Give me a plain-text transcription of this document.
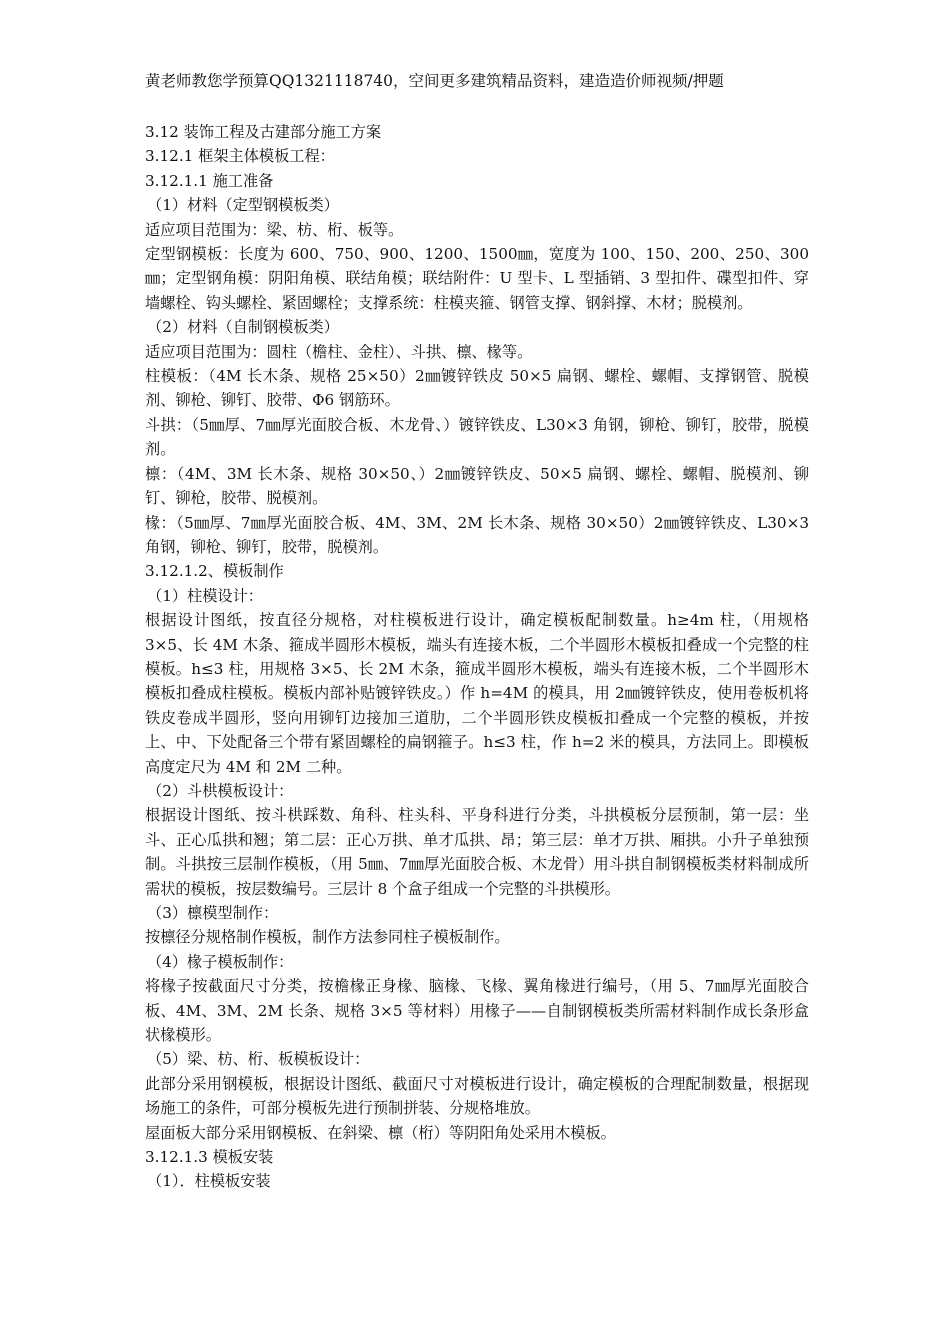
黄老师教您学预算QQ1321118740，空间更多建筑精品资料，建造造价师视频/押题
3.12 装饰工程及古建部分施工方案
3.12.1 框架主体模板工程：
3.12.1.1 施工准备
（1）材料（定型钢模板类）
适应项目范围为：梁、枋、桁、板等。
定型钢模板：长度为 600、750、900、1200、1500㎜，宽度为 100、150、200、250、300㎜；定型钢角模：阴阳角模、联结角模；联结附件：U 型卡、L 型插销、3 型扣件、碟型扣件、穿墙螺栓、钩头螺栓、紧固螺栓；支撑系统：柱模夹箍、钢管支撑、钢斜撑、木材；脱模剂。
（2）材料（自制钢模板类）
适应项目范围为：圆柱（檐柱、金柱）、斗拱、檩、椽等。
柱模板：（4M 长木条、规格 25×50）2㎜镀锌铁皮 50×5 扁钢、螺栓、螺帽、支撑钢管、脱模剂、铆枪、铆钉、胶带、Φ6 钢筋环。
斗拱：（5㎜厚、7㎜厚光面胶合板、木龙骨、）镀锌铁皮、L30×3 角钢，铆枪、铆钉，胶带，脱模剂。
檩：（4M、3M 长木条、规格 30×50、）2㎜镀锌铁皮、50×5 扁钢、螺栓、螺帽、脱模剂、铆钉、铆枪，胶带、脱模剂。
椽：（5㎜厚、7㎜厚光面胶合板、4M、3M、2M 长木条、规格 30×50）2㎜镀锌铁皮、L30×3 角钢，铆枪、铆钉，胶带，脱模剂。
3.12.1.2、模板制作
（1）柱模设计：
根据设计图纸，按直径分规格，对柱模板进行设计，确定模板配制数量。h≥4m 柱，（用规格 3×5、长 4M 木条、箍成半圆形木模板，端头有连接木板，二个半圆形木模板扣叠成一个完整的柱模板。h≤3 柱，用规格 3×5、长 2M 木条，箍成半圆形木模板，端头有连接木板，二个半圆形木模板扣叠成柱模板。模板内部补贴镀锌铁皮。）作 h=4M 的模具，用 2㎜镀锌铁皮，使用卷板机将铁皮卷成半圆形，竖向用铆钉边接加三道肋，二个半圆形铁皮模板扣叠成一个完整的模板，并按上、中、下处配备三个带有紧固螺栓的扁钢箍子。h≤3 柱，作 h=2 米的模具，方法同上。即模板高度定尺为 4M 和 2M 二种。
（2）斗栱模板设计：
根据设计图纸、按斗栱踩数、角科、柱头科、平身科进行分类，斗拱模板分层预制，第一层：坐斗、正心瓜拱和翘；第二层：正心万拱、单才瓜拱、昂；第三层：单才万拱、厢拱。小升子单独预制。斗拱按三层制作模板，（用 5㎜、7㎜厚光面胶合板、木龙骨）用斗拱自制钢模板类材料制成所需状的模板，按层数编号。三层计 8 个盒子组成一个完整的斗拱模形。
（3）檩模型制作：
按檩径分规格制作模板，制作方法参同柱子模板制作。
（4）椽子模板制作：
将椽子按截面尺寸分类，按檐椽正身椽、脑椽、飞椽、翼角椽进行编号，（用 5、7㎜厚光面胶合板、4M、3M、2M 长条、规格 3×5 等材料）用椽子——自制钢模板类所需材料制作成长条形盒状椽模形。
（5）梁、枋、桁、板模板设计：
此部分采用钢模板，根据设计图纸、截面尺寸对模板进行设计，确定模板的合理配制数量，根据现场施工的条件，可部分模板先进行预制拼装、分规格堆放。
屋面板大部分采用钢模板、在斜梁、檩（桁）等阴阳角处采用木模板。
3.12.1.3 模板安装
（1）．柱模板安装
